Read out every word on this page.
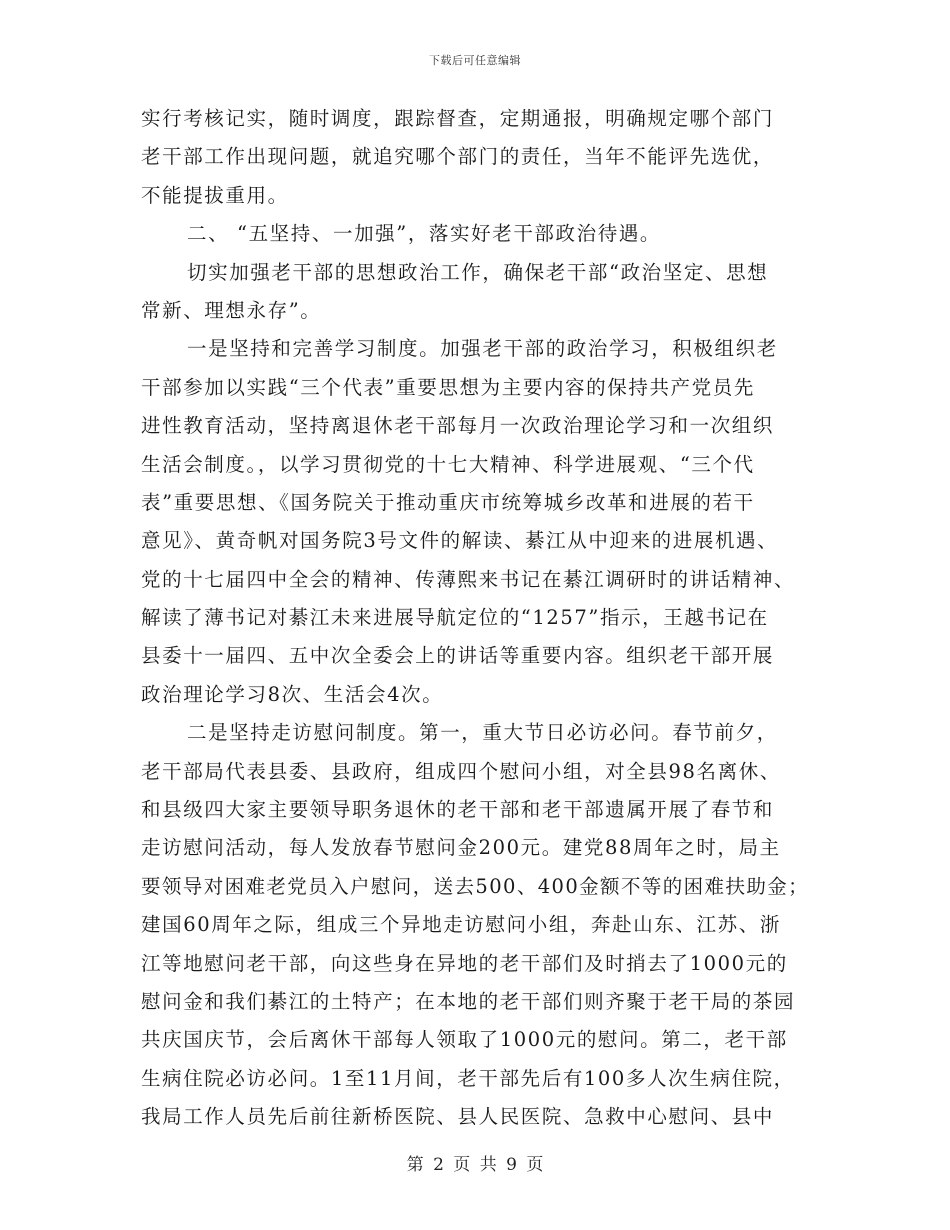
下载后可任意编辑
实行考核记实，随时调度，跟踪督查，定期通报，明确规定哪个部门
老干部工作出现问题，就追究哪个部门的责任，当年不能评先选优，
不能提拔重用。
二、 “五坚持、一加强”，落实好老干部政治待遇。
切实加强老干部的思想政治工作，确保老干部“政治坚定、思想
常新、理想永存”。
一是坚持和完善学习制度。加强老干部的政治学习，积极组织老
干部参加以实践“三个代表”重要思想为主要内容的保持共产党员先
进性教育活动，坚持离退休老干部每月一次政治理论学习和一次组织
生活会制度。，以学习贯彻党的十七大精神、科学进展观、“三个代
表”重要思想、《国务院关于推动重庆市统筹城乡改革和进展的若干
意见》、黄奇帆对国务院3号文件的解读、綦江从中迎来的进展机遇、
党的十七届四中全会的精神、传薄熙来书记在綦江调研时的讲话精神、
解读了薄书记对綦江未来进展导航定位的“1257”指示，王越书记在
县委十一届四、五中次全委会上的讲话等重要内容。组织老干部开展
政治理论学习8次、生活会4次。
二是坚持走访慰问制度。第一，重大节日必访必问。春节前夕，
老干部局代表县委、县政府，组成四个慰问小组，对全县98名离休、
和县级四大家主要领导职务退休的老干部和老干部遗属开展了春节和
走访慰问活动，每人发放春节慰问金200元。建党88周年之时，局主
要领导对困难老党员入户慰问，送去500、400金额不等的困难扶助金；
建国60周年之际，组成三个异地走访慰问小组，奔赴山东、江苏、浙
江等地慰问老干部，向这些身在异地的老干部们及时捎去了1000元的
慰问金和我们綦江的土特产；在本地的老干部们则齐聚于老干局的茶园
共庆国庆节，会后离休干部每人领取了1000元的慰问。第二，老干部
生病住院必访必问。1至11月间，老干部先后有100多人次生病住院，
我局工作人员先后前往新桥医院、县人民医院、急救中心慰问、县中
第 2 页 共 9 页
